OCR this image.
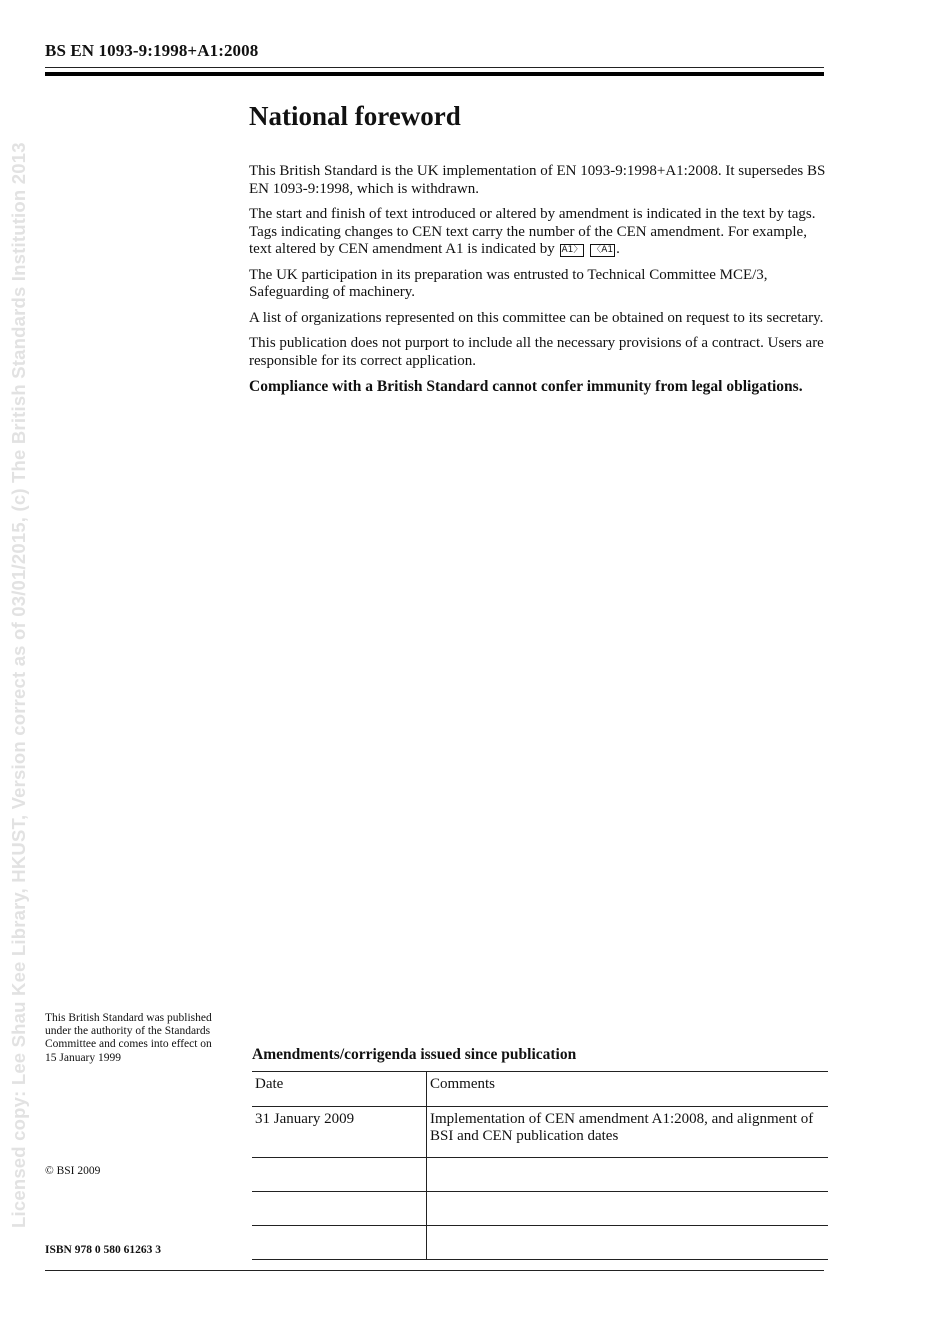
BS EN 1093-9:1998+A1:2008
Licensed copy: Lee Shau Kee Library, HKUST, Version correct as of 03/01/2015, (c) The British Standards Institution 2013
National foreword

This British Standard is the UK implementation of EN 1093-9:1998+A1:2008. It supersedes BS EN 1093-9:1998, which is withdrawn.

The start and finish of text introduced or altered by amendment is indicated in the text by tags. Tags indicating changes to CEN text carry the number of the CEN amendment. For example, text altered by CEN amendment A1 is indicated by A1〉 〈A1 .

The UK participation in its preparation was entrusted to Technical Committee MCE/3, Safeguarding of machinery.

A list of organizations represented on this committee can be obtained on request to its secretary.

This publication does not purport to include all the necessary provisions of a contract. Users are responsible for its correct application.

Compliance with a British Standard cannot confer immunity from legal obligations.

This British Standard was published under the authority of the Standards Committee and comes into effect on 15 January 1999
© BSI 2009
ISBN 978 0 580 61263 3
Amendments/corrigenda issued since publication
Date	Comments
31 January 2009	Implementation of CEN amendment A1:2008, and alignment of BSI and CEN publication dates
